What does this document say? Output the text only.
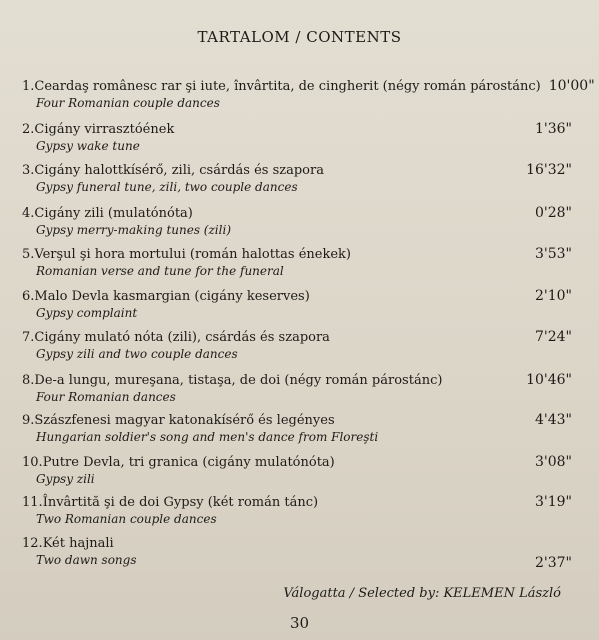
TARTALOM / CONTENTS
1. Ceardaş românesc rar şi iute, învârtita, de cingherit (négy román párostánc) 10'00"
Four Romanian couple dances
2. Cigány virrasztóének	1'36"
Gypsy wake tune
3. Cigány halottkísérő, zili, csárdás és szapora	16'32"
Gypsy funeral tune, zili, two couple dances
4. Cigány zili (mulatónóta)	0'28"
Gypsy merry-making tunes (zili)
5. Verşul şi hora mortului (román halottas énekek)	3'53"
Romanian verse and tune for the funeral
6. Malo Devla kasmargian (cigány keserves)	2'10"
Gypsy complaint
7. Cigány mulató nóta (zili), csárdás és szapora	7'24"
Gypsy zili and two couple dances
8. De-a lungu, mureşana, tistaşa, de doi (négy román párostánc)	10'46"
Four Romanian dances
9. Szászfenesi magyar katonakísérő és legényes	4'43"
Hungarian soldier's song and men's dance from Floreşti
10. Putre Devla, tri granica (cigány mulatónóta)	3'08"
Gypsy zili
11. Învârtită şi de doi Gypsy (két román tánc)	3'19"
Two Romanian couple dances
12. Két hajnali
2'37"
Two dawn songs
Válogatta / Selected by: KELEMEN László
30
